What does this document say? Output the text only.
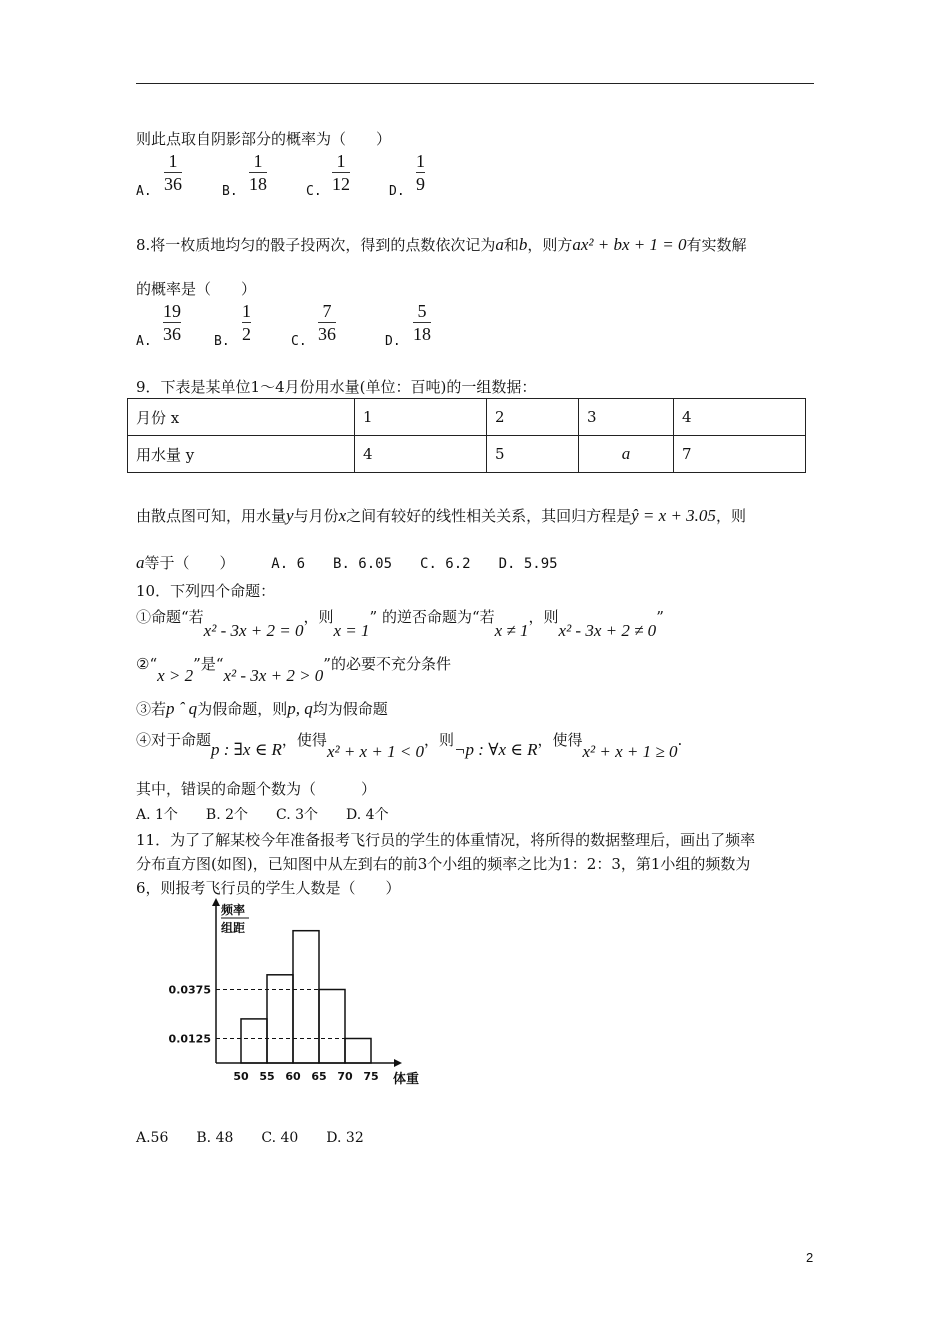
则此点取自阴影部分的概率为（　　）
A.
1
36	B.
1
18	C.
1
12	D.
1
9
8.将一枚质地均匀的骰子投两次，得到的点数依次记为a和b，则方ax² + bx + 1 = 0有实数解
的概率是（　　）
A.
19
36	B.
1
2	C.
7
36	D.
5
18
9．下表是某单位1～4月份用水量(单位：百吨)的一组数据：
月份 x	1	2	3	4
用水量 y	4	5	a	7
由散点图可知，用水量y与月份x之间有较好的线性相关关系，其回归方程是ŷ = x + 3.05，则
a等于（　　）	A. 6　　B. 6.05　　C. 6.2　　D. 5.95
10．下列四个命题：
①命题“若x² - 3x + 2 = 0，则x = 1” 的逆否命题为“若x ≠ 1，则x² - 3x + 2 ≠ 0”
②“x > 2”是“x² - 3x + 2 > 0”的必要不充分条件
③若p ˆ q为假命题，则p, q均为假命题
④对于命题p : ∃x ∈ R，使得x² + x + 1 < 0，则¬p : ∀x ∈ R，使得x² + x + 1 ≥ 0.
其中，错误的命题个数为（　　　）
A. 1个　　B. 2个　　C. 3个　　D. 4个
11．为了了解某校今年准备报考飞行员的学生的体重情况，将所得的数据整理后，画出了频率
分布直方图(如图)，已知图中从左到右的前3个小组的频率之比为1：2：3，第1小组的频数为
6，则报考飞行员的学生人数是（　　）
频率
组距
0.0375
0.0125
50 55 60 65 70 75 体重
A.56　　B. 48　　C. 40　　D. 32
2
